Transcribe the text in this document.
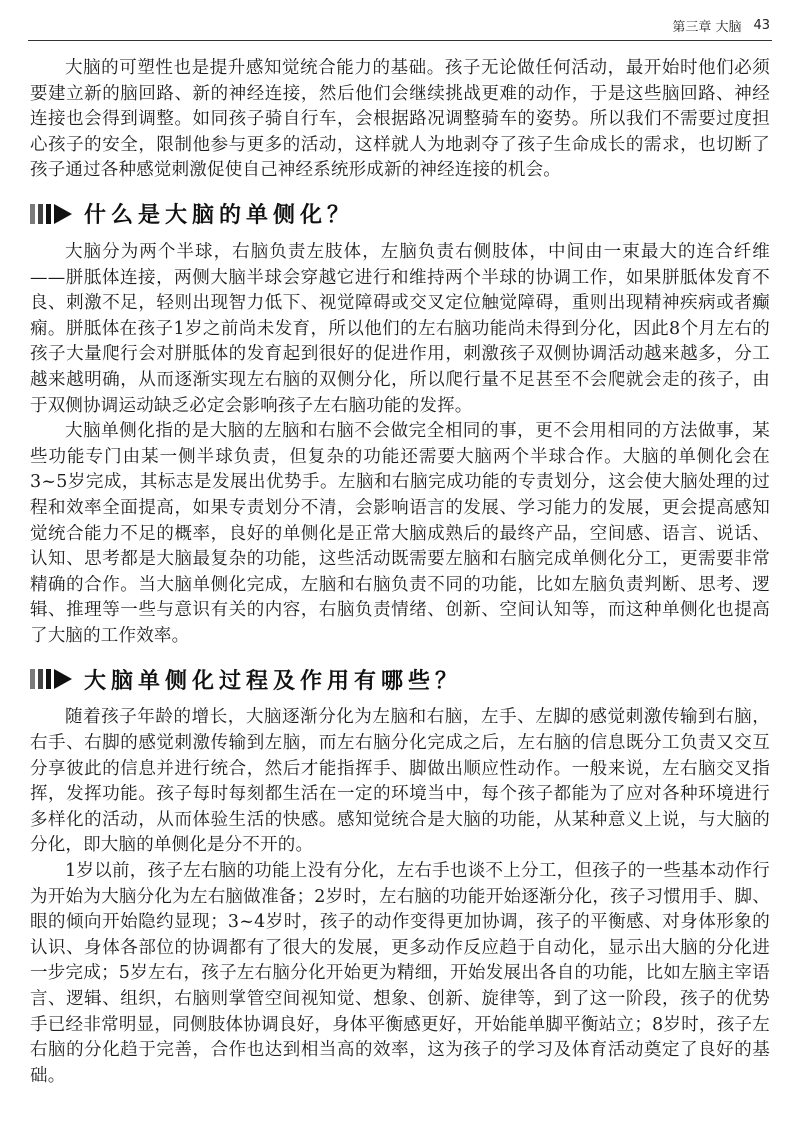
第三章 大脑 43

大脑的可塑性也是提升感知觉统合能力的基础。孩子无论做任何活动，最开始时他们必须要建立新的脑回路、新的神经连接，然后他们会继续挑战更难的动作，于是这些脑回路、神经连接也会得到调整。如同孩子骑自行车，会根据路况调整骑车的姿势。所以我们不需要过度担心孩子的安全，限制他参与更多的活动，这样就人为地剥夺了孩子生命成长的需求，也切断了孩子通过各种感觉刺激促使自己神经系统形成新的神经连接的机会。

什么是大脑的单侧化？

大脑分为两个半球，右脑负责左肢体，左脑负责右侧肢体，中间由一束最大的连合纤维——胼胝体连接，两侧大脑半球会穿越它进行和维持两个半球的协调工作，如果胼胝体发育不良、刺激不足，轻则出现智力低下、视觉障碍或交叉定位触觉障碍，重则出现精神疾病或者癫痫。胼胝体在孩子1岁之前尚未发育，所以他们的左右脑功能尚未得到分化，因此8个月左右的孩子大量爬行会对胼胝体的发育起到很好的促进作用，刺激孩子双侧协调活动越来越多，分工越来越明确，从而逐渐实现左右脑的双侧分化，所以爬行量不足甚至不会爬就会走的孩子，由于双侧协调运动缺乏必定会影响孩子左右脑功能的发挥。

大脑单侧化指的是大脑的左脑和右脑不会做完全相同的事，更不会用相同的方法做事，某些功能专门由某一侧半球负责，但复杂的功能还需要大脑两个半球合作。大脑的单侧化会在3~5岁完成，其标志是发展出优势手。左脑和右脑完成功能的专责划分，这会使大脑处理的过程和效率全面提高，如果专责划分不清，会影响语言的发展、学习能力的发展，更会提高感知觉统合能力不足的概率，良好的单侧化是正常大脑成熟后的最终产品，空间感、语言、说话、认知、思考都是大脑最复杂的功能，这些活动既需要左脑和右脑完成单侧化分工，更需要非常精确的合作。当大脑单侧化完成，左脑和右脑负责不同的功能，比如左脑负责判断、思考、逻辑、推理等一些与意识有关的内容，右脑负责情绪、创新、空间认知等，而这种单侧化也提高了大脑的工作效率。

大脑单侧化过程及作用有哪些？

随着孩子年龄的增长，大脑逐渐分化为左脑和右脑，左手、左脚的感觉刺激传输到右脑，右手、右脚的感觉刺激传输到左脑，而左右脑分化完成之后，左右脑的信息既分工负责又交互分享彼此的信息并进行统合，然后才能指挥手、脚做出顺应性动作。一般来说，左右脑交叉指挥，发挥功能。孩子每时每刻都生活在一定的环境当中，每个孩子都能为了应对各种环境进行多样化的活动，从而体验生活的快感。感知觉统合是大脑的功能，从某种意义上说，与大脑的分化，即大脑的单侧化是分不开的。

1岁以前，孩子左右脑的功能上没有分化，左右手也谈不上分工，但孩子的一些基本动作行为开始为大脑分化为左右脑做准备；2岁时，左右脑的功能开始逐渐分化，孩子习惯用手、脚、眼的倾向开始隐约显现；3~4岁时，孩子的动作变得更加协调，孩子的平衡感、对身体形象的认识、身体各部位的协调都有了很大的发展，更多动作反应趋于自动化，显示出大脑的分化进一步完成；5岁左右，孩子左右脑分化开始更为精细，开始发展出各自的功能，比如左脑主宰语言、逻辑、组织，右脑则掌管空间视知觉、想象、创新、旋律等，到了这一阶段，孩子的优势手已经非常明显，同侧肢体协调良好，身体平衡感更好，开始能单脚平衡站立；8岁时，孩子左右脑的分化趋于完善，合作也达到相当高的效率，这为孩子的学习及体育活动奠定了良好的基础。
